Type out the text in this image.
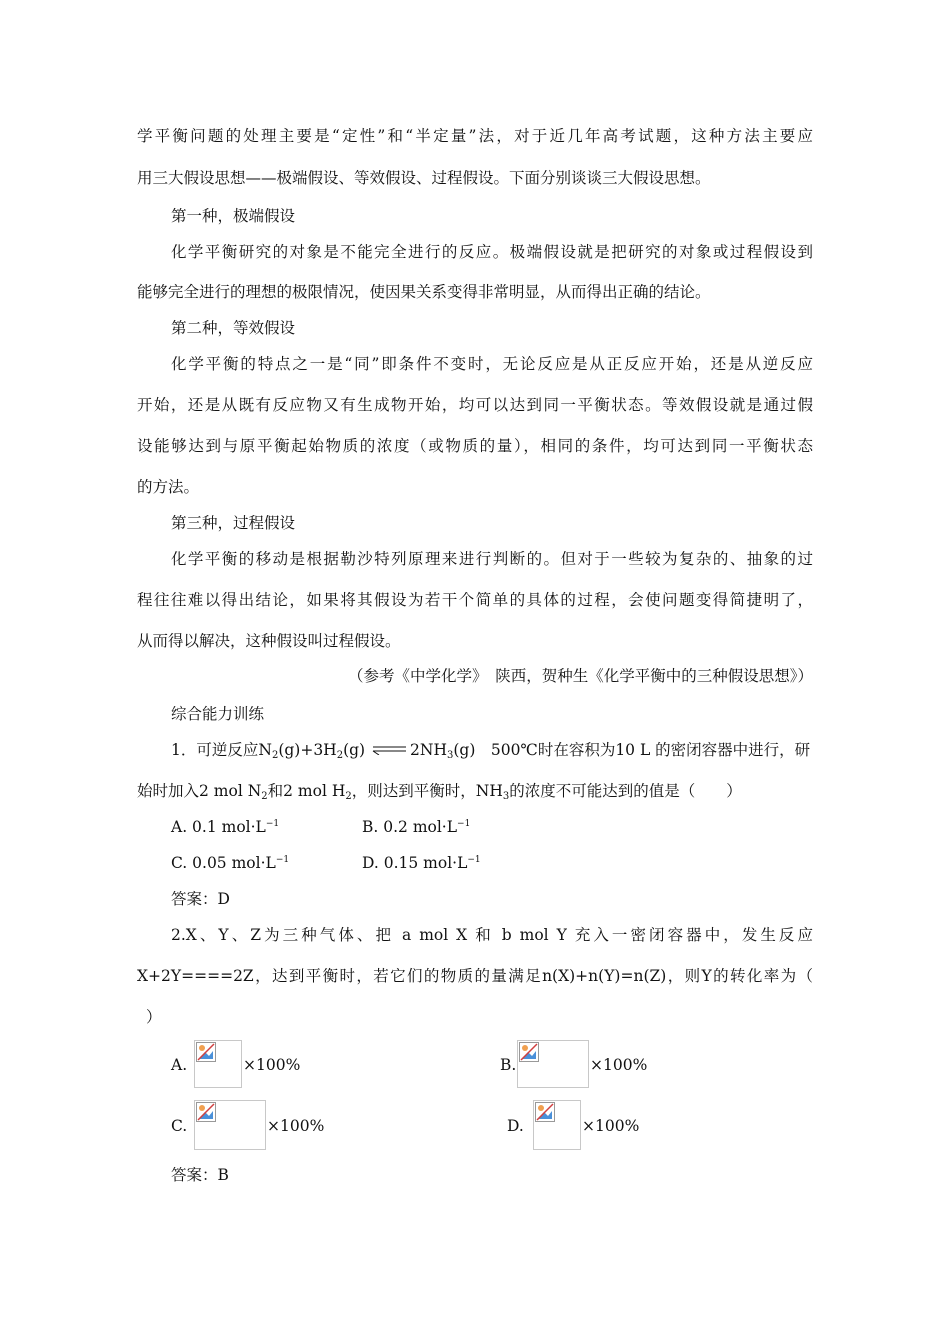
学平衡问题的处理主要是“定性”和“半定量”法，对于近几年高考试题，这种方法主要应
用三大假设思想——极端假设、等效假设、过程假设。下面分别谈谈三大假设思想。
第一种，极端假设
化学平衡研究的对象是不能完全进行的反应。极端假设就是把研究的对象或过程假设到
能够完全进行的理想的极限情况，使因果关系变得非常明显，从而得出正确的结论。
第二种，等效假设
化学平衡的特点之一是“同”即条件不变时，无论反应是从正反应开始，还是从逆反应
开始，还是从既有反应物又有生成物开始，均可以达到同一平衡状态。等效假设就是通过假
设能够达到与原平衡起始物质的浓度（或物质的量），相同的条件，均可达到同一平衡状态
的方法。
第三种，过程假设
化学平衡的移动是根据勒沙特列原理来进行判断的。但对于一些较为复杂的、抽象的过
程往往难以得出结论，如果将其假设为若干个简单的具体的过程，会使问题变得简捷明了，
从而得以解决，这种假设叫过程假设。
（参考《中学化学》　陕西，贺种生《化学平衡中的三种假设思想》）
综合能力训练
1．可逆反应$N_2(g)+3H_2(g)$	$2NH_3(g)$　500℃时在容积为10 L 的密闭容器中进行，研
始时加入2 mol $N_2$和2 mol $H_2$，则达到平衡时，$NH_3$的浓度不可能达到的值是（　　）
A. 0.1 $mol\cdot L^{-1}$	B. 0.2 $mol\cdot L^{-1}$
C. 0.05 $mol\cdot L^{-1}$	D. 0.15 $mol\cdot L^{-1}$
答案：D
2.X、Y、Z为三种气体、把 a mol X 和 b mol Y 充入一密闭容器中，发生反应
X+2Y====2Z，达到平衡时，若它们的物质的量满足n(X)+n(Y)=n(Z)，则Y的转化率为（
）
A.	×100%	B.	×100%
C.	×100%	D.	×100%
答案：B
